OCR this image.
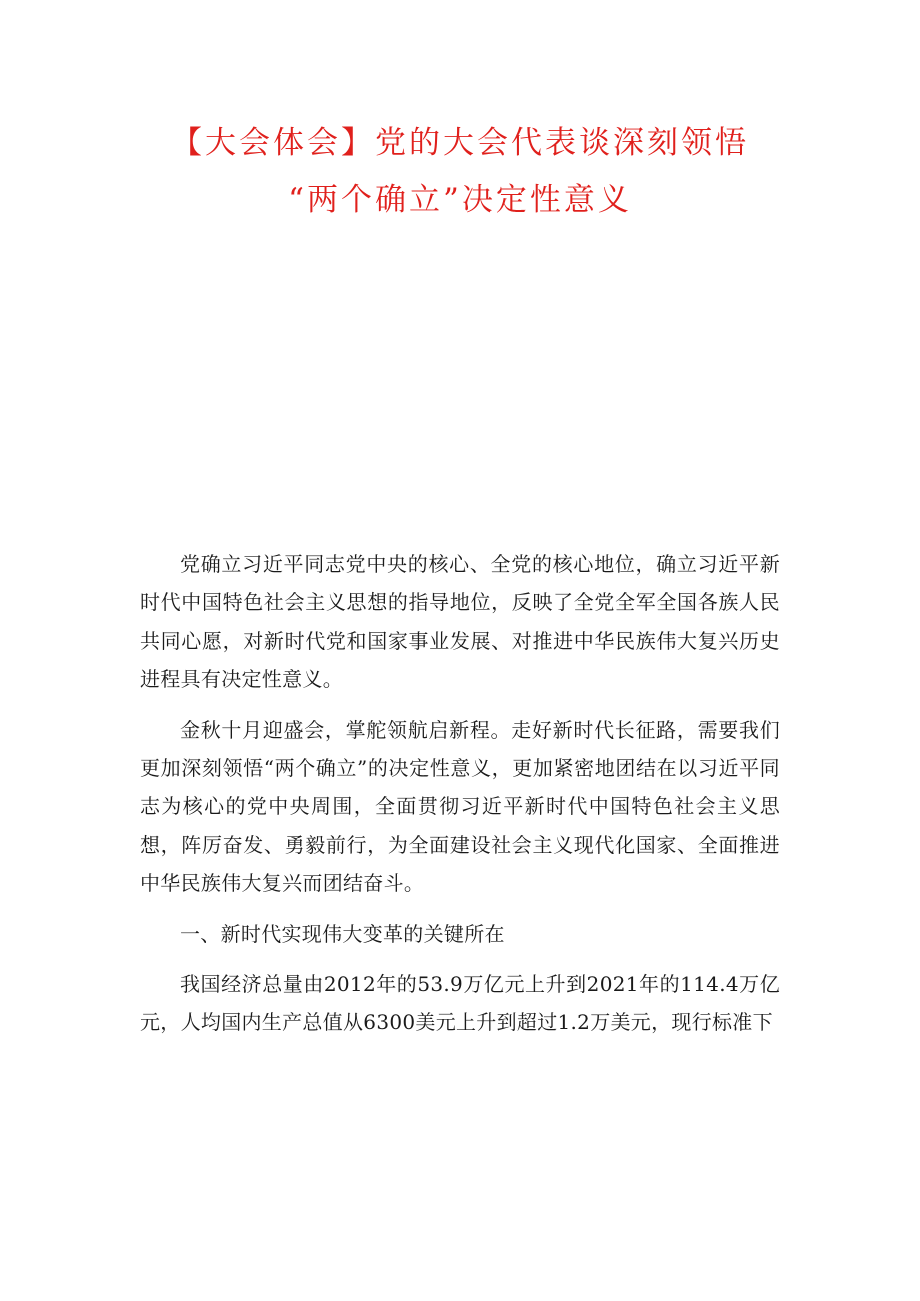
【大会体会】党的大会代表谈深刻领悟
“两个确立”决定性意义

党确立习近平同志党中央的核心、全党的核心地位，确立习近平新时代中国特色社会主义思想的指导地位，反映了全党全军全国各族人民共同心愿，对新时代党和国家事业发展、对推进中华民族伟大复兴历史进程具有决定性意义。

金秋十月迎盛会，掌舵领航启新程。走好新时代长征路，需要我们更加深刻领悟“两个确立”的决定性意义，更加紧密地团结在以习近平同志为核心的党中央周围，全面贯彻习近平新时代中国特色社会主义思想，阵厉奋发、勇毅前行，为全面建设社会主义现代化国家、全面推进中华民族伟大复兴而团结奋斗。

一、新时代实现伟大变革的关键所在

我国经济总量由2012年的53.9万亿元上升到2021年的114.4万亿元，人均国内生产总值从6300美元上升到超过1.2万美元，现行标准下
